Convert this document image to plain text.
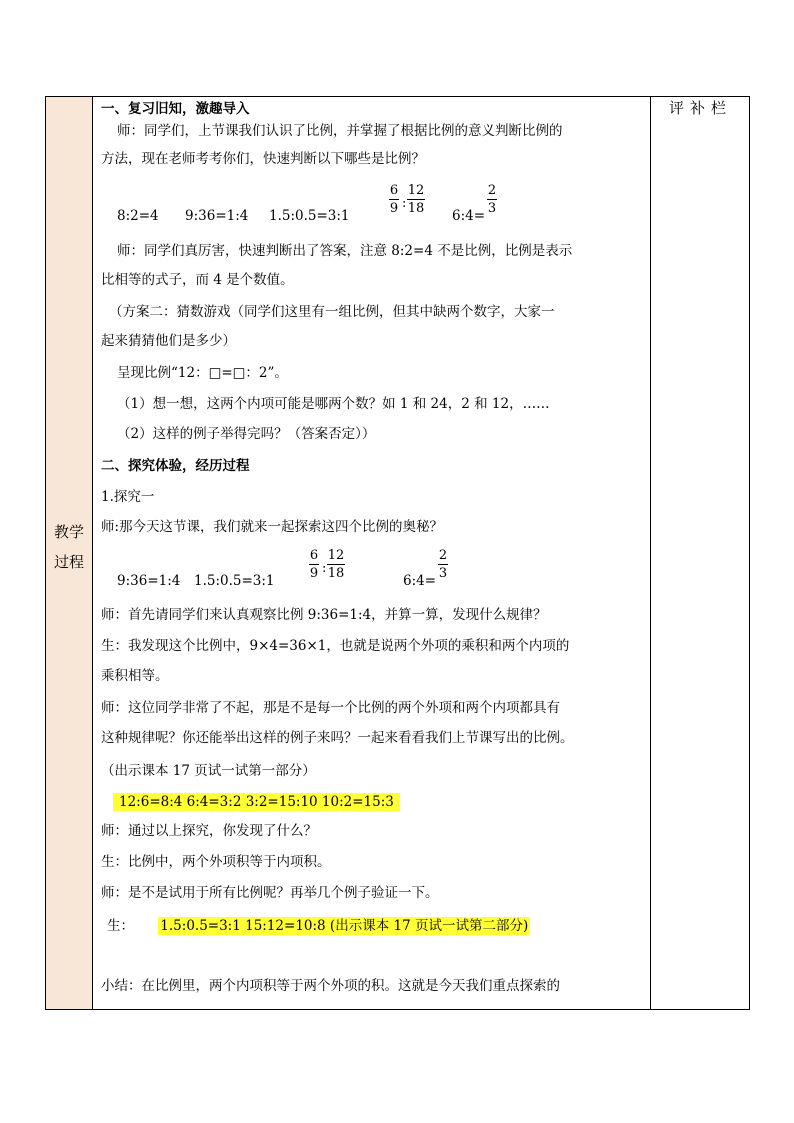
教学
过程
一、复习旧知，激趣导入
师：同学们，上节课我们认识了比例，并掌握了根据比例的意义判断比例的
方法，现在老师考考你们，快速判断以下哪些是比例？
8:2=4 9:36=1:4 1.5:0.5=3:1
6
9 :
12
18 6:4=
2
3
师：同学们真厉害，快速判断出了答案，注意 8:2=4 不是比例，比例是表示
比相等的式子，而 4 是个数值。
（方案二：猜数游戏（同学们这里有一组比例，但其中缺两个数字，大家一
起来猜猜他们是多少）
呈现比例“12：□=□：2”。
（1）想一想，这两个内项可能是哪两个数？如 1 和 24，2 和 12，……
（2）这样的例子举得完吗？（答案否定））
二、探究体验，经历过程
1.探究一
师:那今天这节课，我们就来一起探索这四个比例的奥秘？
9:36=1:4 1.5:0.5=3:1
6
9 :
12
18	6:4=
2
3
师：首先请同学们来认真观察比例 9:36=1:4，并算一算，发现什么规律？
生：我发现这个比例中，9×4=36×1，也就是说两个外项的乘积和两个内项的
乘积相等。
师：这位同学非常了不起，那是不是每一个比例的两个外项和两个内项都具有
这种规律呢？你还能举出这样的例子来吗？一起来看看我们上节课写出的比例。
（出示课本 17 页试一试第一部分）
12:6=8:4 6:4=3:2 3:2=15:10 10:2=15:3
师：通过以上探究，你发现了什么？
生：比例中，两个外项积等于内项积。
师：是不是试用于所有比例呢？再举几个例子验证一下。
生： 1.5:0.5=3:1 15:12=10:8 (出示课本 17 页试一试第二部分)
小结：在比例里，两个内项积等于两个外项的积。这就是今天我们重点探索的
评补栏
